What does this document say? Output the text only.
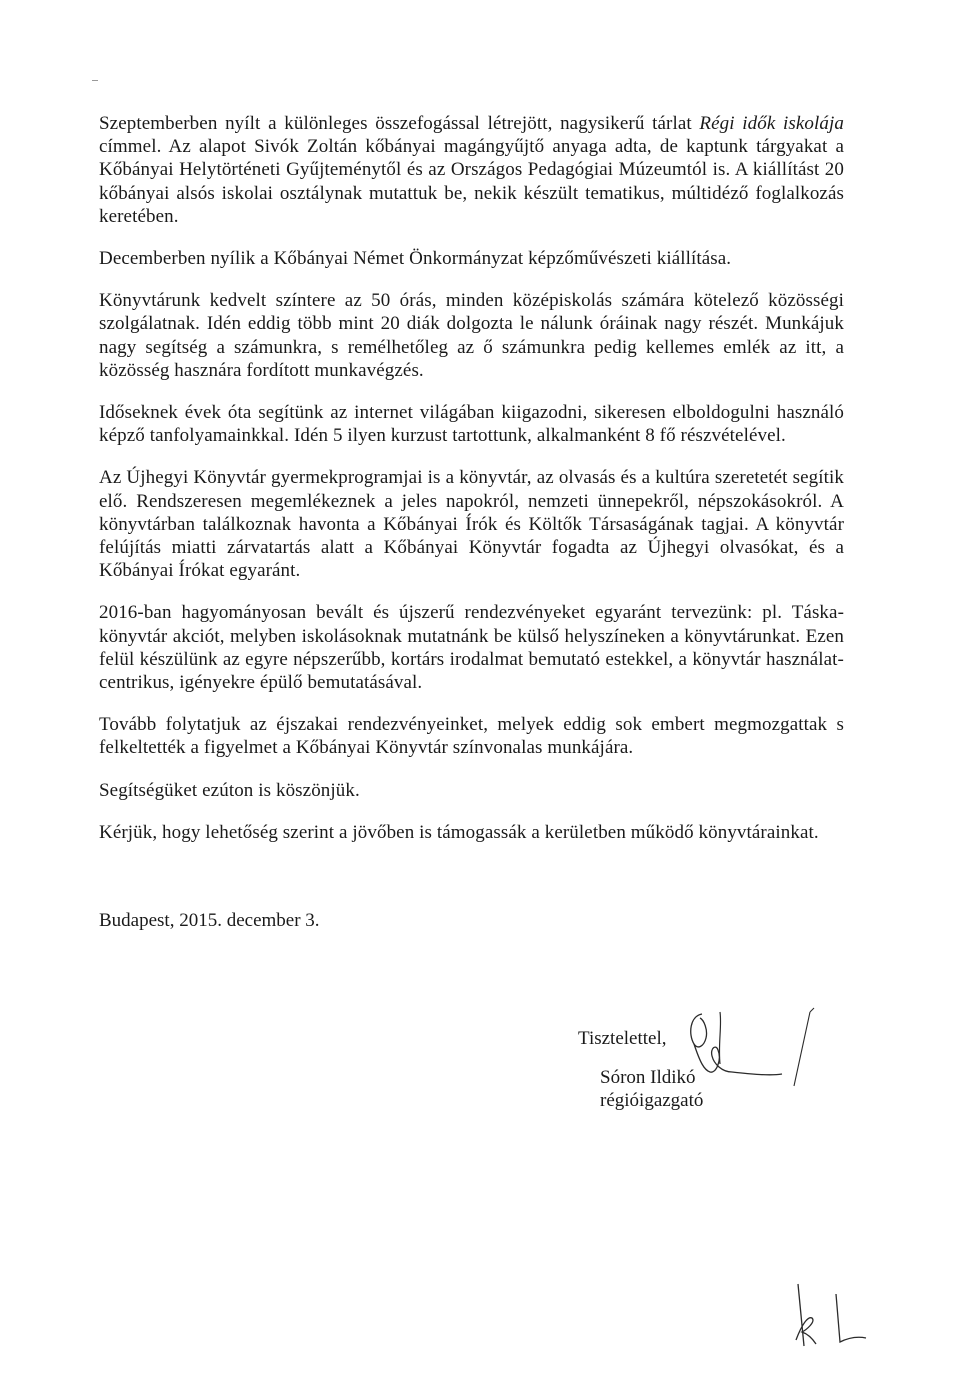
Szeptemberben nyílt a különleges összefogással létrejött, nagysikerű tárlat Régi idők iskolája címmel. Az alapot Sivók Zoltán kőbányai magángyűjtő anyaga adta, de kaptunk tárgyakat a Kőbányai Helytörténeti Gyűjteménytől és az Országos Pedagógiai Múzeumtól is. A kiállítást 20 kőbányai alsós iskolai osztálynak mutattuk be, nekik készült tematikus, múltidéző foglalkozás keretében.

Decemberben nyílik a Kőbányai Német Önkormányzat képzőművészeti kiállítása.

Könyvtárunk kedvelt színtere az 50 órás, minden középiskolás számára kötelező közösségi szolgálatnak. Idén eddig több mint 20 diák dolgozta le nálunk óráinak nagy részét. Munkájuk nagy segítség a számunkra, s remélhetőleg az ő számunkra pedig kellemes emlék az itt, a közösség hasznára fordított munkavégzés.

Időseknek évek óta segítünk az internet világában kiigazodni, sikeresen elboldogulni használó képző tanfolyamainkkal. Idén 5 ilyen kurzust tartottunk, alkalmanként 8 fő részvételével.

Az Újhegyi Könyvtár gyermekprogramjai is a könyvtár, az olvasás és a kultúra szeretetét segítik elő. Rendszeresen megemlékeznek a jeles napokról, nemzeti ünnepekről, népszokásokról. A könyvtárban találkoznak havonta a Kőbányai Írók és Költők Társaságának tagjai. A könyvtár felújítás miatti zárvatartás alatt a Kőbányai Könyvtár fogadta az Újhegyi olvasókat, és a Kőbányai Írókat egyaránt.

2016-ban hagyományosan bevált és újszerű rendezvényeket egyaránt tervezünk: pl. Táska-könyvtár akciót, melyben iskolásoknak mutatnánk be külső helyszíneken a könyvtárunkat. Ezen felül készülünk az egyre népszerűbb, kortárs irodalmat bemutató estekkel, a könyvtár használat-centrikus, igényekre épülő bemutatásával.

Tovább folytatjuk az éjszakai rendezvényeinket, melyek eddig sok embert megmozgattak s felkeltették a figyelmet a Kőbányai Könyvtár színvonalas munkájára.

Segítségüket ezúton is köszönjük.

Kérjük, hogy lehetőség szerint a jövőben is támogassák a kerületben működő könyvtárainkat.

Budapest, 2015. december 3.
Tisztelettel,
Sóron Ildikó
régióigazgató
